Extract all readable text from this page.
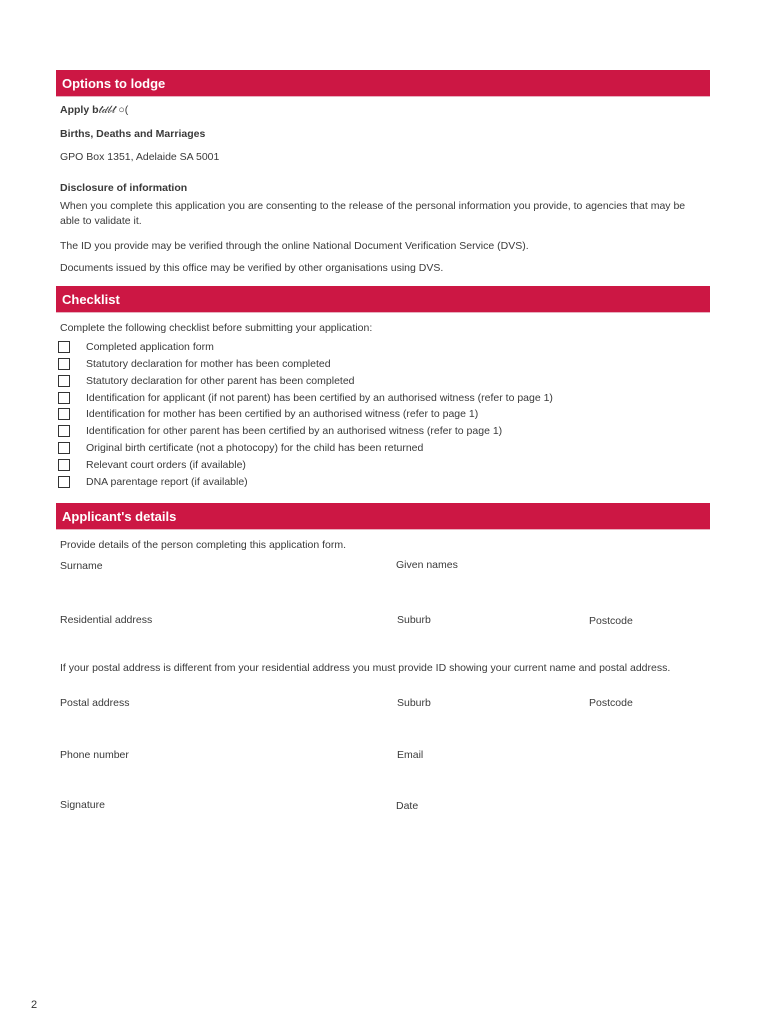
Options to lodge
Apply b𝓉𝒹𝒷𝓉 ○(
Births, Deaths and Marriages
GPO Box 1351, Adelaide SA 5001
Disclosure of information
When you complete this application you are consenting to the release of the personal information you provide, to agencies that may be able to validate it.
The ID you provide may be verified through the online National Document Verification Service (DVS).
Documents issued by this office may be verified by other organisations using DVS.
Checklist
Complete the following checklist before submitting your application:
Completed application form
Statutory declaration for mother has been completed
Statutory declaration for other parent has been completed
Identification for applicant (if not parent) has been certified by an authorised witness (refer to page 1)
Identification for mother has been certified by an authorised witness (refer to page 1)
Identification for other parent has been certified by an authorised witness (refer to page 1)
Original birth certificate (not a photocopy) for the child has been returned
Relevant court orders (if available)
DNA parentage report (if available)
Applicant's details
Provide details of the person completing this application form.
Surname	Given names
Residential address	Suburb	Postcode
If your postal address is different from your residential address you must provide ID showing your current name and postal address.
Postal address	Suburb	Postcode
Phone number	Email
Signature	Date
2
